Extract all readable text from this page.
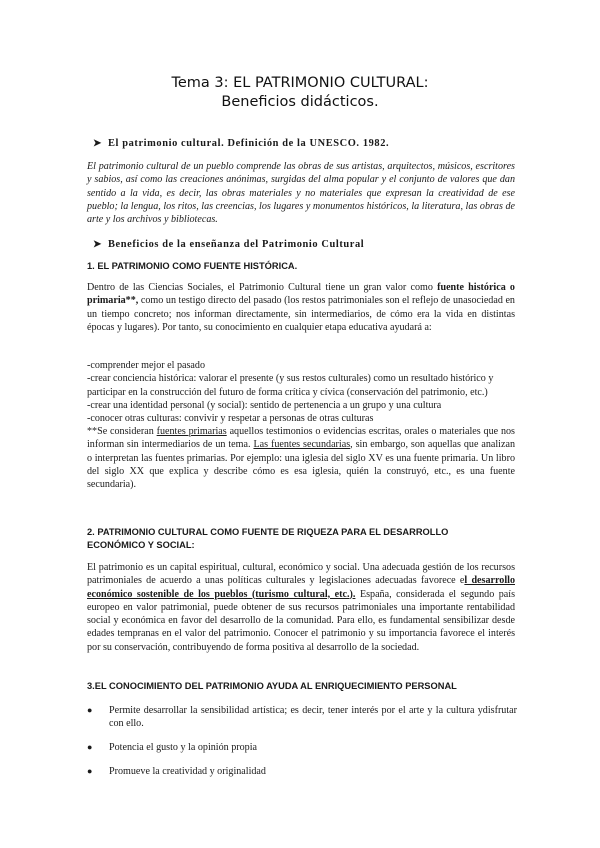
Tema 3: EL PATRIMONIO CULTURAL:
Beneficios didácticos.
➤ El patrimonio cultural. Definición de la UNESCO. 1982.
El patrimonio cultural de un pueblo comprende las obras de sus artistas, arquitectos, músicos, escritores y sabios, así como las creaciones anónimas, surgidas del alma popular y el conjunto de valores que dan sentido a la vida, es decir, las obras materiales y no materiales que expresan la creatividad de ese pueblo; la lengua, los ritos, las creencias, los lugares y monumentos históricos, la literatura, las obras de arte y los archivos y bibliotecas.
➤ Beneficios de la enseñanza del Patrimonio Cultural
1. EL PATRIMONIO COMO FUENTE HISTÓRICA.
Dentro de las Ciencias Sociales, el Patrimonio Cultural tiene un gran valor como fuente histórica o primaria**, como un testigo directo del pasado (los restos patrimoniales son el reflejo de unasociedad en un tiempo concreto; nos informan directamente, sin intermediarios, de cómo era la vida en distintas épocas y lugares). Por tanto, su conocimiento en cualquier etapa educativa ayudará a:
-comprender mejor el pasado
-crear conciencia histórica: valorar el presente (y sus restos culturales) como un resultado histórico y participar en la construcción del futuro de forma crítica y cívica (conservación del patrimonio, etc.)
-crear una identidad personal (y social): sentido de pertenencia a un grupo y una cultura
-conocer otras culturas: convivir y respetar a personas de otras culturas
**Se consideran fuentes primarias aquellos testimonios o evidencias escritas, orales o materiales que nos informan sin intermediarios de un tema. Las fuentes secundarias, sin embargo, son aquellas que analizan o interpretan las fuentes primarias. Por ejemplo: una iglesia del siglo XV es una fuente primaria. Un libro del siglo XX que explica y describe cómo es esa iglesia, quién la construyó, etc., es una fuente secundaria).
2. PATRIMONIO CULTURAL COMO FUENTE DE RIQUEZA PARA EL DESARROLLO
ECONÓMICO Y SOCIAL:
El patrimonio es un capital espiritual, cultural, económico y social. Una adecuada gestión de los recursos patrimoniales de acuerdo a unas políticas culturales y legislaciones adecuadas favorece el desarrollo económico sostenible de los pueblos (turismo cultural, etc.). España, considerada el segundo país europeo en valor patrimonial, puede obtener de sus recursos patrimoniales una importante rentabilidad social y económica en favor del desarrollo de la comunidad. Para ello, es fundamental sensibilizar desde edades tempranas en el valor del patrimonio. Conocer el patrimonio y su importancia favorece el interés por su conservación, contribuyendo de forma positiva al desarrollo de la sociedad.
3.EL CONOCIMIENTO DEL PATRIMONIO AYUDA AL ENRIQUECIMIENTO PERSONAL
● Permite desarrollar la sensibilidad artística; es decir, tener interés por el arte y la cultura ydisfrutar con ello.
● Potencia el gusto y la opinión propia
● Promueve la creatividad y originalidad
